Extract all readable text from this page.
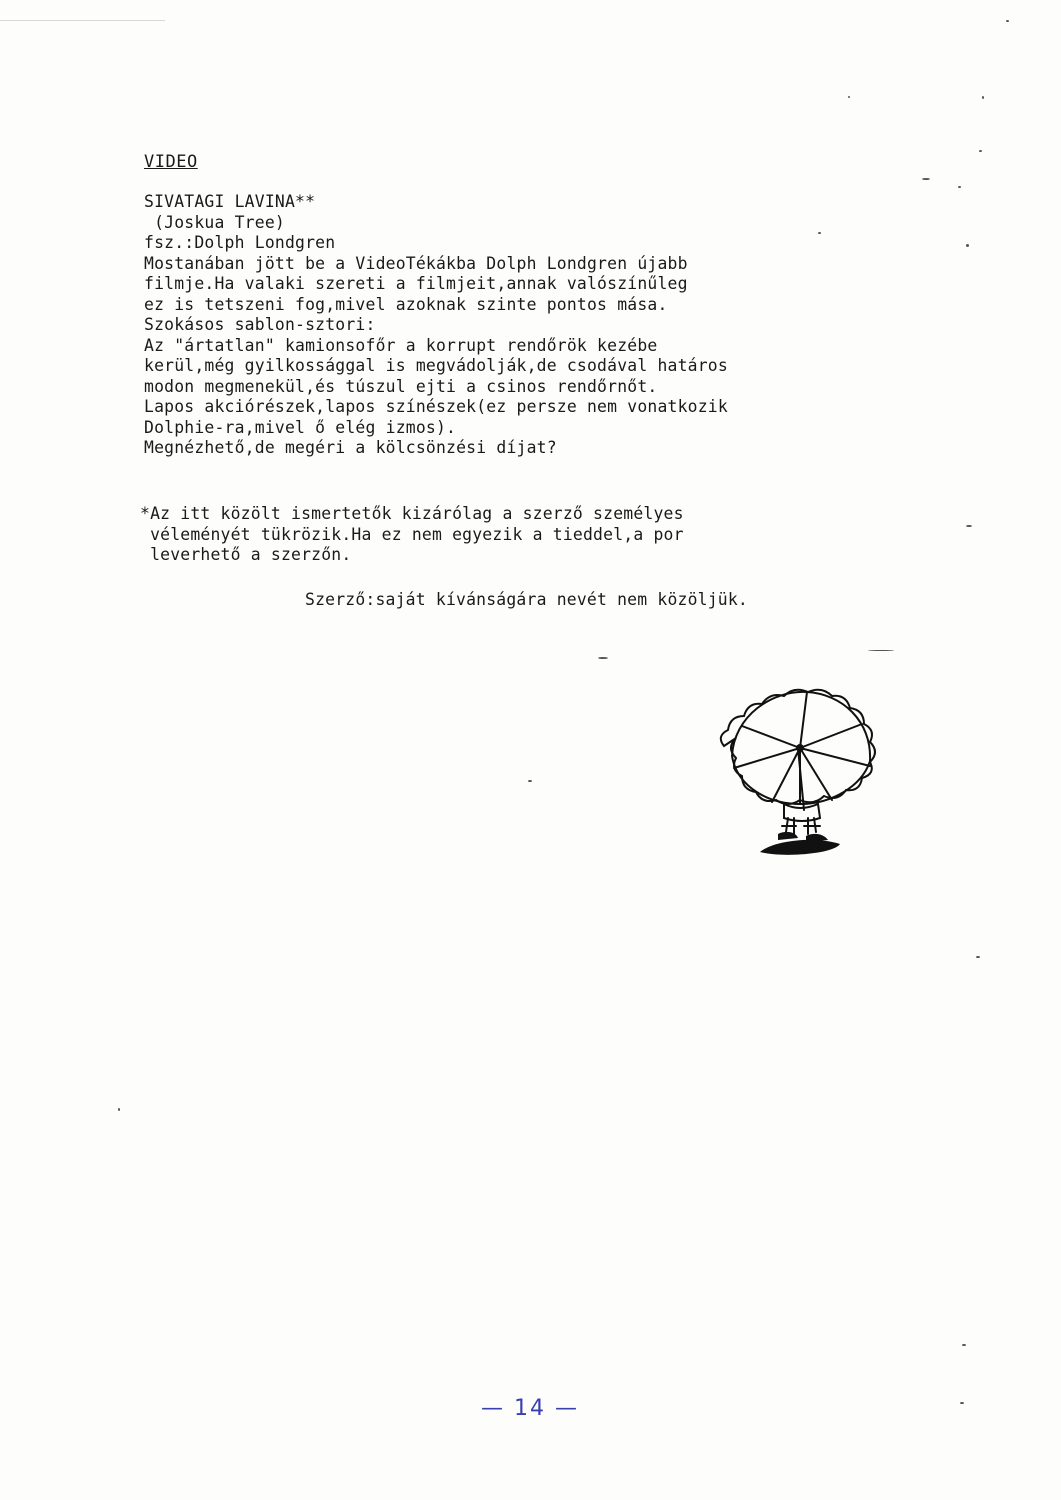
VIDEO
SIVATAGI LAVINA**
(Joskua Tree)
fsz.:Dolph Londgren
Mostanában jött be a VideoTékákba Dolph Londgren újabb
filmje.Ha valaki szereti a filmjeit,annak valószínűleg
ez is tetszeni fog,mivel azoknak szinte pontos mása.
Szokásos sablon-sztori:
Az "ártatlan" kamionsofőr a korrupt rendőrök kezébe
kerül,még gyilkossággal is megvádolják,de csodával határos
modon megmenekül,és túszul ejti a csinos rendőrnőt.
Lapos akciórészek,lapos színészek(ez persze nem vonatkozik
Dolphie-ra,mivel ő elég izmos).
Megnézhető,de megéri a kölcsönzési díjat?
*Az itt közölt ismertetők kizárólag a szerző személyes
véleményét tükrözik.Ha ez nem egyezik a tieddel,a por
leverhető a szerzőn.
Szerző:saját kívánságára nevét nem közöljük.
— 14 —
